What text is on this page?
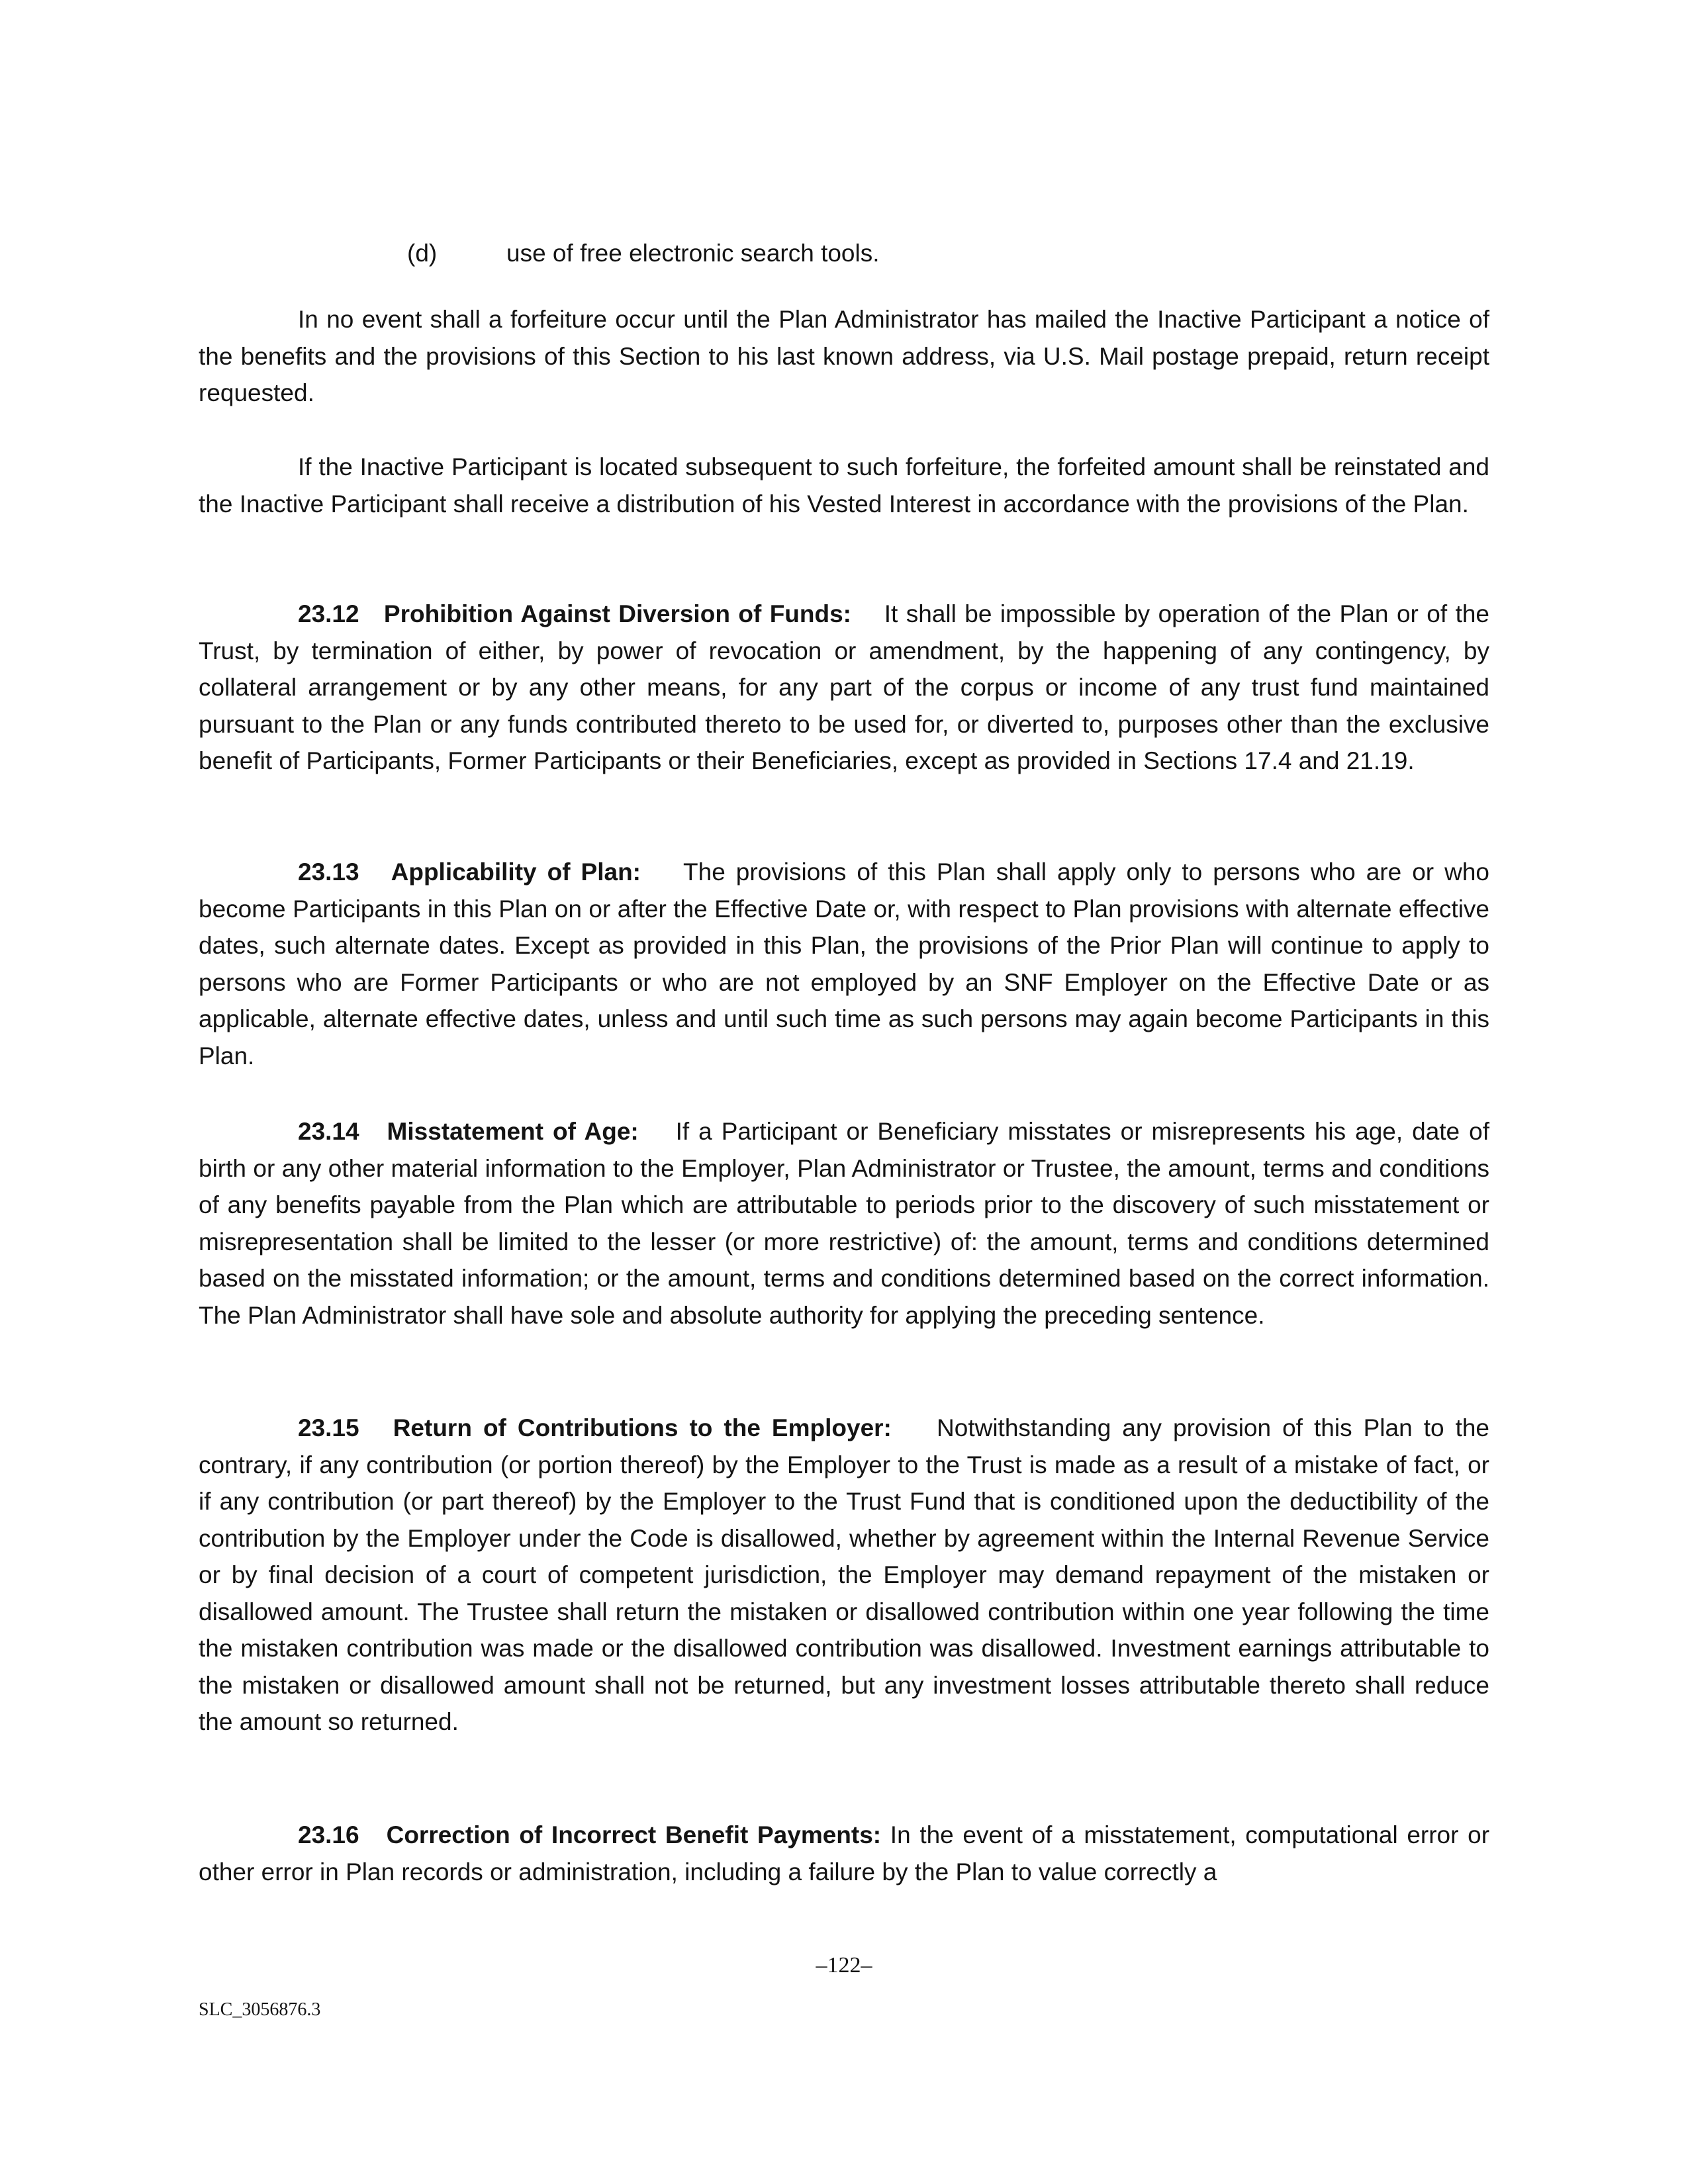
(d)	use of free electronic search tools.

In no event shall a forfeiture occur until the Plan Administrator has mailed the Inactive Participant a notice of the benefits and the provisions of this Section to his last known address, via U.S. Mail postage prepaid, return receipt requested.

If the Inactive Participant is located subsequent to such forfeiture, the forfeited amount shall be reinstated and the Inactive Participant shall receive a distribution of his Vested Interest in accordance with the provisions of the Plan.

23.12 Prohibition Against Diversion of Funds: It shall be impossible by operation of the Plan or of the Trust, by termination of either, by power of revocation or amendment, by the happening of any contingency, by collateral arrangement or by any other means, for any part of the corpus or income of any trust fund maintained pursuant to the Plan or any funds contributed thereto to be used for, or diverted to, purposes other than the exclusive benefit of Participants, Former Participants or their Beneficiaries, except as provided in Sections 17.4 and 21.19.

23.13 Applicability of Plan: The provisions of this Plan shall apply only to persons who are or who become Participants in this Plan on or after the Effective Date or, with respect to Plan provisions with alternate effective dates, such alternate dates. Except as provided in this Plan, the provisions of the Prior Plan will continue to apply to persons who are Former Participants or who are not employed by an SNF Employer on the Effective Date or as applicable, alternate effective dates, unless and until such time as such persons may again become Participants in this Plan.

23.14 Misstatement of Age: If a Participant or Beneficiary misstates or misrepresents his age, date of birth or any other material information to the Employer, Plan Administrator or Trustee, the amount, terms and conditions of any benefits payable from the Plan which are attributable to periods prior to the discovery of such misstatement or misrepresentation shall be limited to the lesser (or more restrictive) of: the amount, terms and conditions determined based on the misstated information; or the amount, terms and conditions determined based on the correct information. The Plan Administrator shall have sole and absolute authority for applying the preceding sentence.

23.15 Return of Contributions to the Employer: Notwithstanding any provision of this Plan to the contrary, if any contribution (or portion thereof) by the Employer to the Trust is made as a result of a mistake of fact, or if any contribution (or part thereof) by the Employer to the Trust Fund that is conditioned upon the deductibility of the contribution by the Employer under the Code is disallowed, whether by agreement within the Internal Revenue Service or by final decision of a court of competent jurisdiction, the Employer may demand repayment of the mistaken or disallowed amount. The Trustee shall return the mistaken or disallowed contribution within one year following the time the mistaken contribution was made or the disallowed contribution was disallowed. Investment earnings attributable to the mistaken or disallowed amount shall not be returned, but any investment losses attributable thereto shall reduce the amount so returned.

23.16 Correction of Incorrect Benefit Payments: In the event of a misstatement, computational error or other error in Plan records or administration, including a failure by the Plan to value correctly a

–122–
SLC_3056876.3
